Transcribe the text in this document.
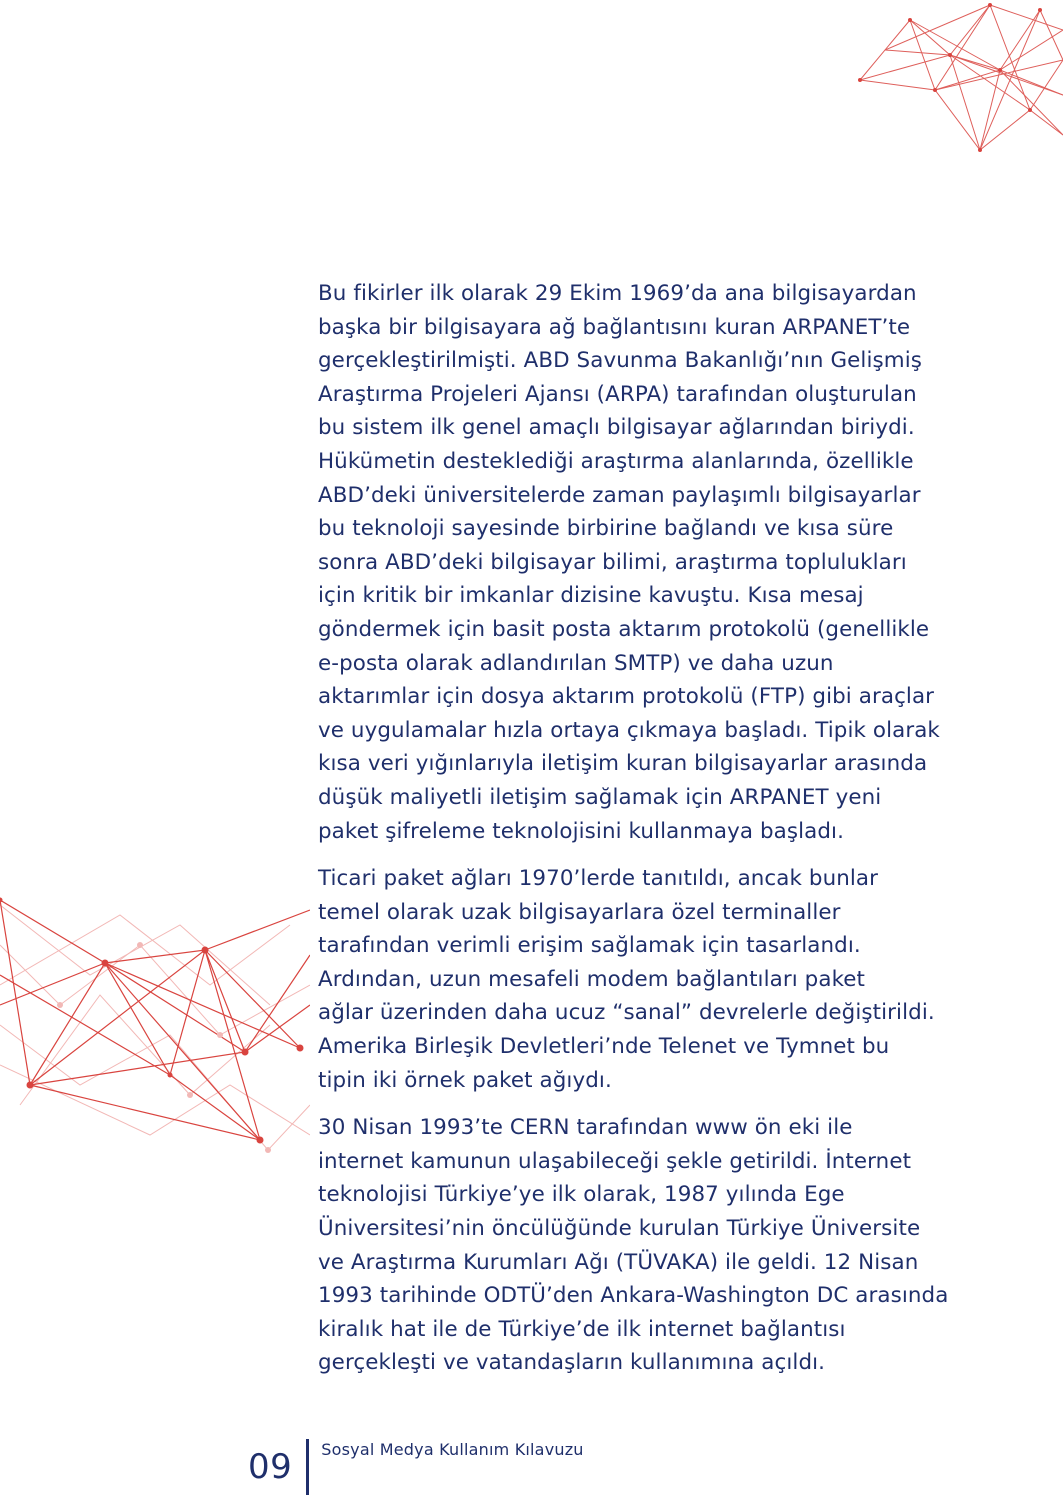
Bu fikirler ilk olarak 29 Ekim 1969’da ana bilgisayardan
başka bir bilgisayara ağ bağlantısını kuran ARPANET’te
gerçekleştirilmişti. ABD Savunma Bakanlığı’nın Gelişmiş
Araştırma Projeleri Ajansı (ARPA) tarafından oluşturulan
bu sistem ilk genel amaçlı bilgisayar ağlarından biriydi.
Hükümetin desteklediği araştırma alanlarında, özellikle
ABD’deki üniversitelerde zaman paylaşımlı bilgisayarlar
bu teknoloji sayesinde birbirine bağlandı ve kısa süre
sonra ABD’deki bilgisayar bilimi, araştırma toplulukları
için kritik bir imkanlar dizisine kavuştu. Kısa mesaj
göndermek için basit posta aktarım protokolü (genellikle
e-posta olarak adlandırılan SMTP) ve daha uzun
aktarımlar için dosya aktarım protokolü (FTP) gibi araçlar
ve uygulamalar hızla ortaya çıkmaya başladı. Tipik olarak
kısa veri yığınlarıyla iletişim kuran bilgisayarlar arasında
düşük maliyetli iletişim sağlamak için ARPANET yeni
paket şifreleme teknolojisini kullanmaya başladı.

Ticari paket ağları 1970’lerde tanıtıldı, ancak bunlar
temel olarak uzak bilgisayarlara özel terminaller
tarafından verimli erişim sağlamak için tasarlandı.
Ardından, uzun mesafeli modem bağlantıları paket
ağlar üzerinden daha ucuz “sanal” devrelerle değiştirildi.
Amerika Birleşik Devletleri’nde Telenet ve Tymnet bu
tipin iki örnek paket ağıydı.

30 Nisan 1993’te CERN tarafından www ön eki ile
internet kamunun ulaşabileceği şekle getirildi. İnternet
teknolojisi Türkiye’ye ilk olarak, 1987 yılında Ege
Üniversitesi’nin öncülüğünde kurulan Türkiye Üniversite
ve Araştırma Kurumları Ağı (TÜVAKA) ile geldi. 12 Nisan
1993 tarihinde ODTÜ’den Ankara-Washington DC arasında
kiralık hat ile de Türkiye’de ilk internet bağlantısı
gerçekleşti ve vatandaşların kullanımına açıldı.

09 Sosyal Medya Kullanım Kılavuzu
